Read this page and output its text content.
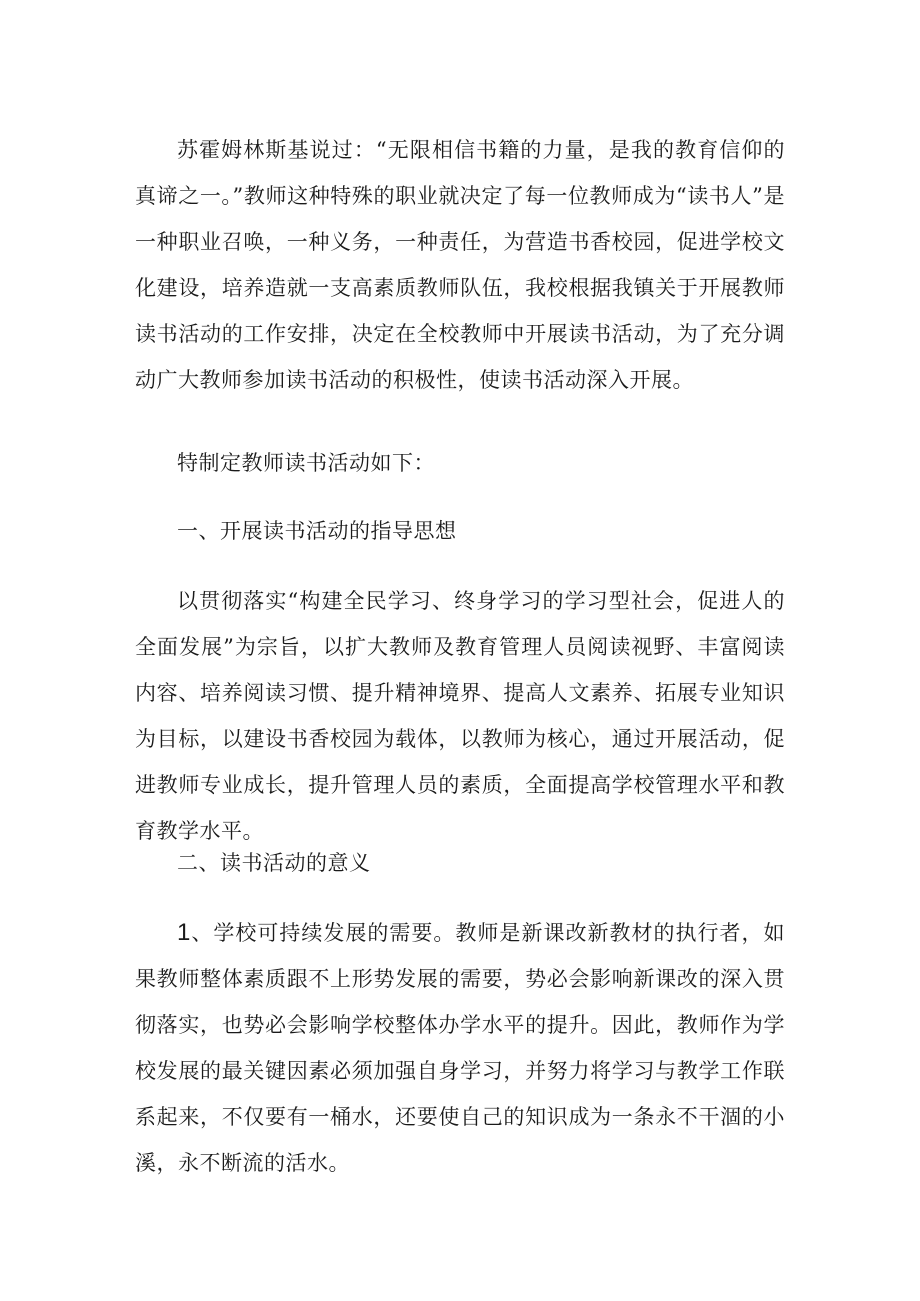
苏霍姆林斯基说过：“无限相信书籍的力量，是我的教育信仰的真谛之一。”教师这种特殊的职业就决定了每一位教师成为“读书人”是一种职业召唤，一种义务，一种责任，为营造书香校园，促进学校文化建设，培养造就一支高素质教师队伍，我校根据我镇关于开展教师读书活动的工作安排，决定在全校教师中开展读书活动，为了充分调动广大教师参加读书活动的积极性，使读书活动深入开展。

特制定教师读书活动如下：

一、开展读书活动的指导思想

以贯彻落实“构建全民学习、终身学习的学习型社会，促进人的全面发展”为宗旨，以扩大教师及教育管理人员阅读视野、丰富阅读内容、培养阅读习惯、提升精神境界、提高人文素养、拓展专业知识为目标，以建设书香校园为载体，以教师为核心，通过开展活动，促进教师专业成长，提升管理人员的素质，全面提高学校管理水平和教育教学水平。

二、读书活动的意义

1、学校可持续发展的需要。教师是新课改新教材的执行者，如果教师整体素质跟不上形势发展的需要，势必会影响新课改的深入贯彻落实，也势必会影响学校整体办学水平的提升。因此，教师作为学校发展的最关键因素必须加强自身学习，并努力将学习与教学工作联系起来，不仅要有一桶水，还要使自己的知识成为一条永不干涸的小溪，永不断流的活水。
